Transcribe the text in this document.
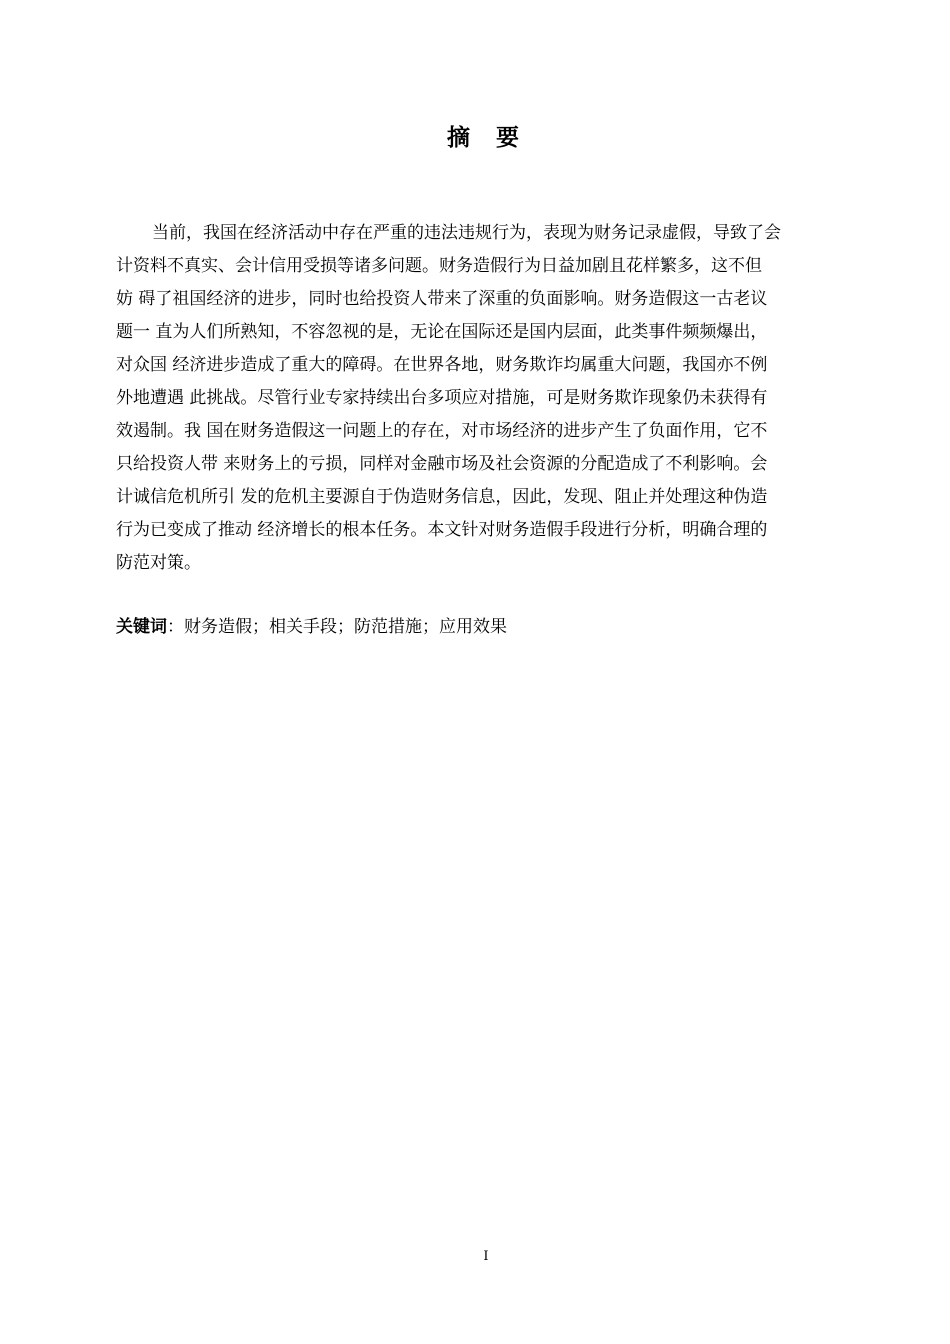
摘 要
当前，我国在经济活动中存在严重的违法违规行为，表现为财务记录虚假，导致了会
计资料不真实、会计信用受损等诸多问题。财务造假行为日益加剧且花样繁多，这不但
妨 碍了祖国经济的进步，同时也给投资人带来了深重的负面影响。财务造假这一古老议
题一 直为人们所熟知，不容忽视的是，无论在国际还是国内层面，此类事件频频爆出，
对众国 经济进步造成了重大的障碍。在世界各地，财务欺诈均属重大问题，我国亦不例
外地遭遇 此挑战。尽管行业专家持续出台多项应对措施，可是财务欺诈现象仍未获得有
效遏制。我 国在财务造假这一问题上的存在，对市场经济的进步产生了负面作用，它不
只给投资人带 来财务上的亏损，同样对金融市场及社会资源的分配造成了不利影响。会
计诚信危机所引 发的危机主要源自于伪造财务信息，因此，发现、阻止并处理这种伪造
行为已变成了推动 经济增长的根本任务。本文针对财务造假手段进行分析，明确合理的
防范对策。
关键词：财务造假；相关手段；防范措施；应用效果
I
